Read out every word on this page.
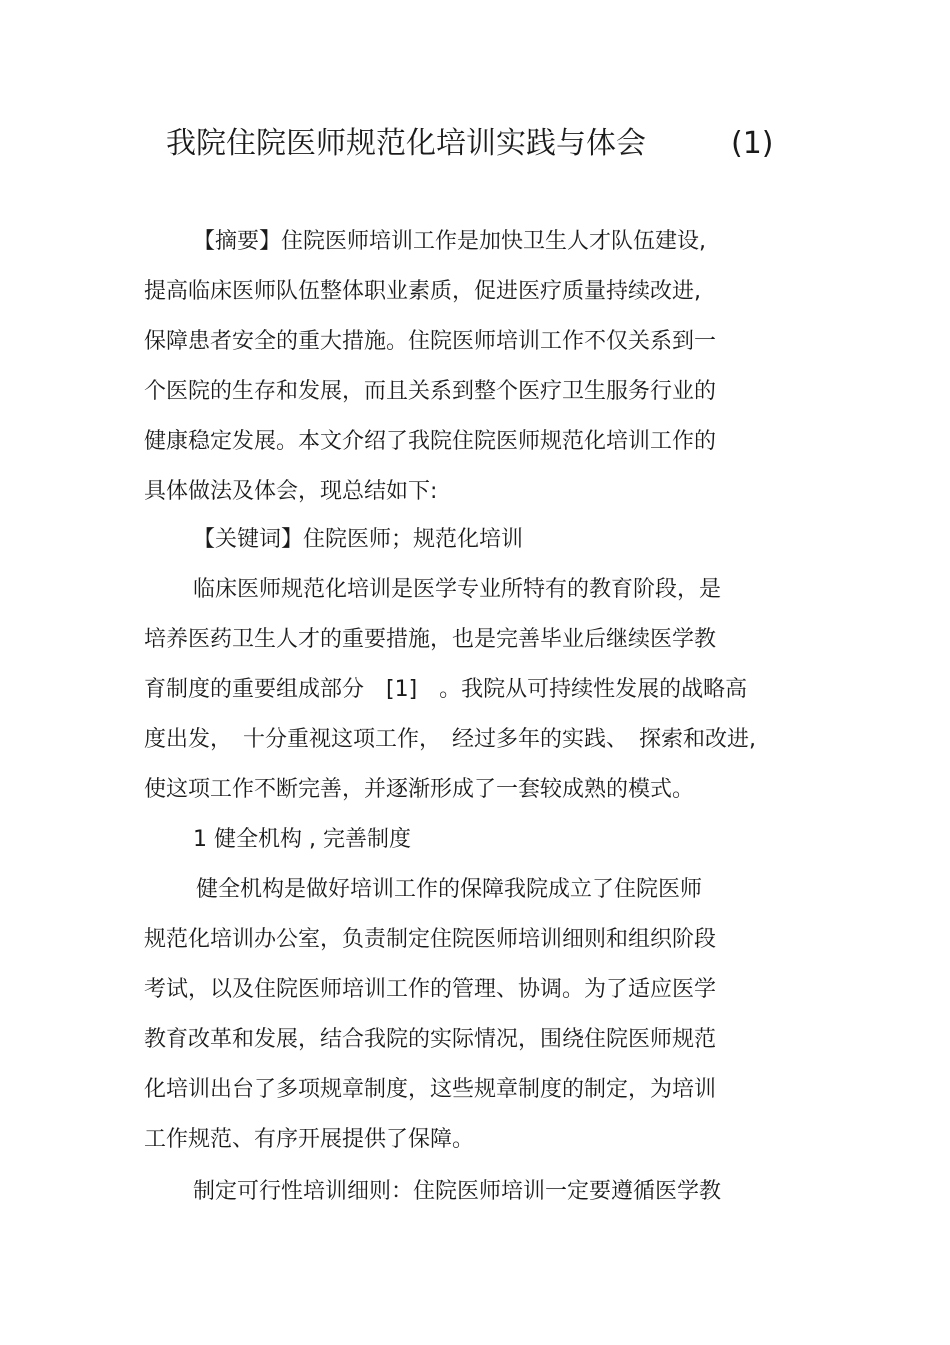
我院住院医师规范化培训实践与体会	(1)
【摘要】住院医师培训工作是加快卫生人才队伍建设,
提高临床医师队伍整体职业素质，促进医疗质量持续改进,
保障患者安全的重大措施。住院医师培训工作不仅关系到一
个医院的生存和发展，而且关系到整个医疗卫生服务行业的
健康稳定发展。本文介绍了我院住院医师规范化培训工作的
具体做法及体会，现总结如下:
【关键词】住院医师；规范化培训
临床医师规范化培训是医学专业所特有的教育阶段，是
培养医药卫生人才的重要措施，也是完善毕业后继续医学教
育制度的重要组成部分　[1]　。我院从可持续性发展的战略高
度出发，　十分重视这项工作，　经过多年的实践、　探索和改进,
使这项工作不断完善，并逐渐形成了一套较成熟的模式。
1 健全机构 , 完善制度
健全机构是做好培训工作的保障我院成立了住院医师
规范化培训办公室，负责制定住院医师培训细则和组织阶段
考试，以及住院医师培训工作的管理、协调。为了适应医学
教育改革和发展，结合我院的实际情况，围绕住院医师规范
化培训出台了多项规章制度，这些规章制度的制定，为培训
工作规范、有序开展提供了保障。
制定可行性培训细则：住院医师培训一定要遵循医学教
